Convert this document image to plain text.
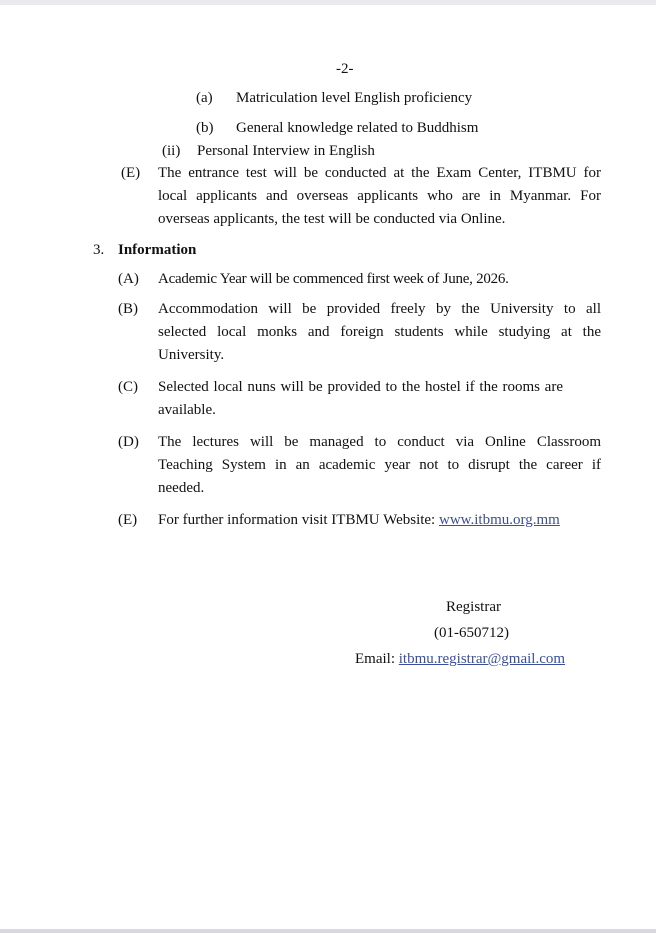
-2-
(a) Matriculation level English proficiency
(b) General knowledge related to Buddhism
(ii) Personal Interview in English
(E) The entrance test will be conducted at the Exam Center, ITBMU for
local applicants and overseas applicants who are in Myanmar. For
overseas applicants, the test will be conducted via Online.
3. Information
(A) Academic Year will be commenced first week of June, 2026.
(B) Accommodation will be provided freely by the University to all
selected local monks and foreign students while studying at the
University.
(C) Selected local nuns will be provided to the hostel if the rooms are
available.
(D) The lectures will be managed to conduct via Online Classroom
Teaching System in an academic year not to disrupt the career if
needed.
(E) For further information visit ITBMU Website: www.itbmu.org.mm
Registrar
(01-650712)
Email: itbmu.registrar@gmail.com
